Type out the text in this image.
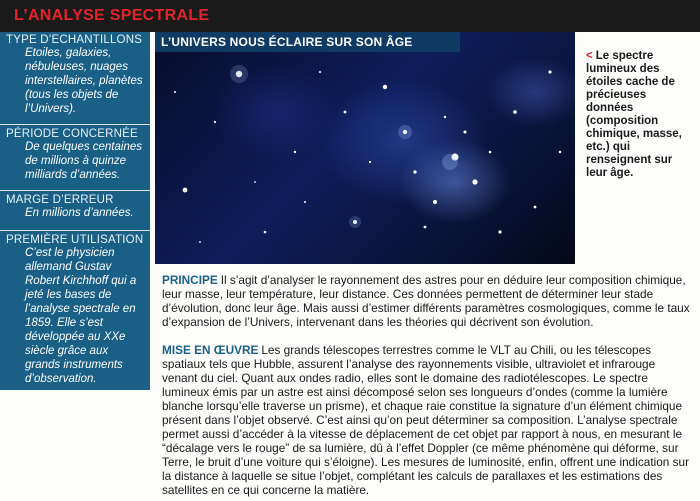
L’ANALYSE SPECTRALE
TYPE D’ECHANTILLONS
Etoiles, galaxies, nébuleuses, nuages interstellaires, planètes (tous les objets de l’Univers).
PÉRIODE CONCERNÉE
De quelques centaines de millions à quinze milliards d’années.
MARGE D’ERREUR
En millions d’années.
PREMIÈRE UTILISATION
C’est le physicien allemand Gustav Robert Kirchhoff qui a jeté les bases de l’analyse spectrale en 1859. Elle s’est développée au XXe siècle grâce aux grands instruments d’observation.
L’UNIVERS NOUS ÉCLAIRE SUR SON ÂGE
< Le spectre lumineux des étoiles cache de précieuses données (composition chimique, masse, etc.) qui renseignent sur leur âge.
PRINCIPE Il s’agit d’analyser le rayonnement des astres pour en déduire leur composition chimique, leur masse, leur température, leur distance. Ces données permettent de déterminer leur stade d’évolution, donc leur âge. Mais aussi d’estimer différents paramètres cosmologiques, comme le taux d’expansion de l’Univers, intervenant dans les théories qui décrivent son évolution.
MISE EN ŒUVRE Les grands télescopes terrestres comme le VLT au Chili, ou les télescopes spatiaux tels que Hubble, assurent l’analyse des rayonnements visible, ultraviolet et infrarouge venant du ciel. Quant aux ondes radio, elles sont le domaine des radiotélescopes. Le spectre lumineux émis par un astre est ainsi décomposé selon ses longueurs d’ondes (comme la lumière blanche lorsqu’elle traverse un prisme), et chaque raie constitue la signature d’un élément chimique présent dans l’objet observé. C’est ainsi qu’on peut déterminer sa composition. L’analyse spectrale permet aussi d’accéder à la vitesse de déplacement de cet objet par rapport à nous, en mesurant le “décalage vers le rouge” de sa lumière, dû à l’effet Doppler (ce même phénomène qui déforme, sur Terre, le bruit d’une voiture qui s’éloigne). Les mesures de luminosité, enfin, offrent une indication sur la distance à laquelle se situe l’objet, complétant les calculs de parallaxes et les estimations des satellites en ce qui concerne la matière.
